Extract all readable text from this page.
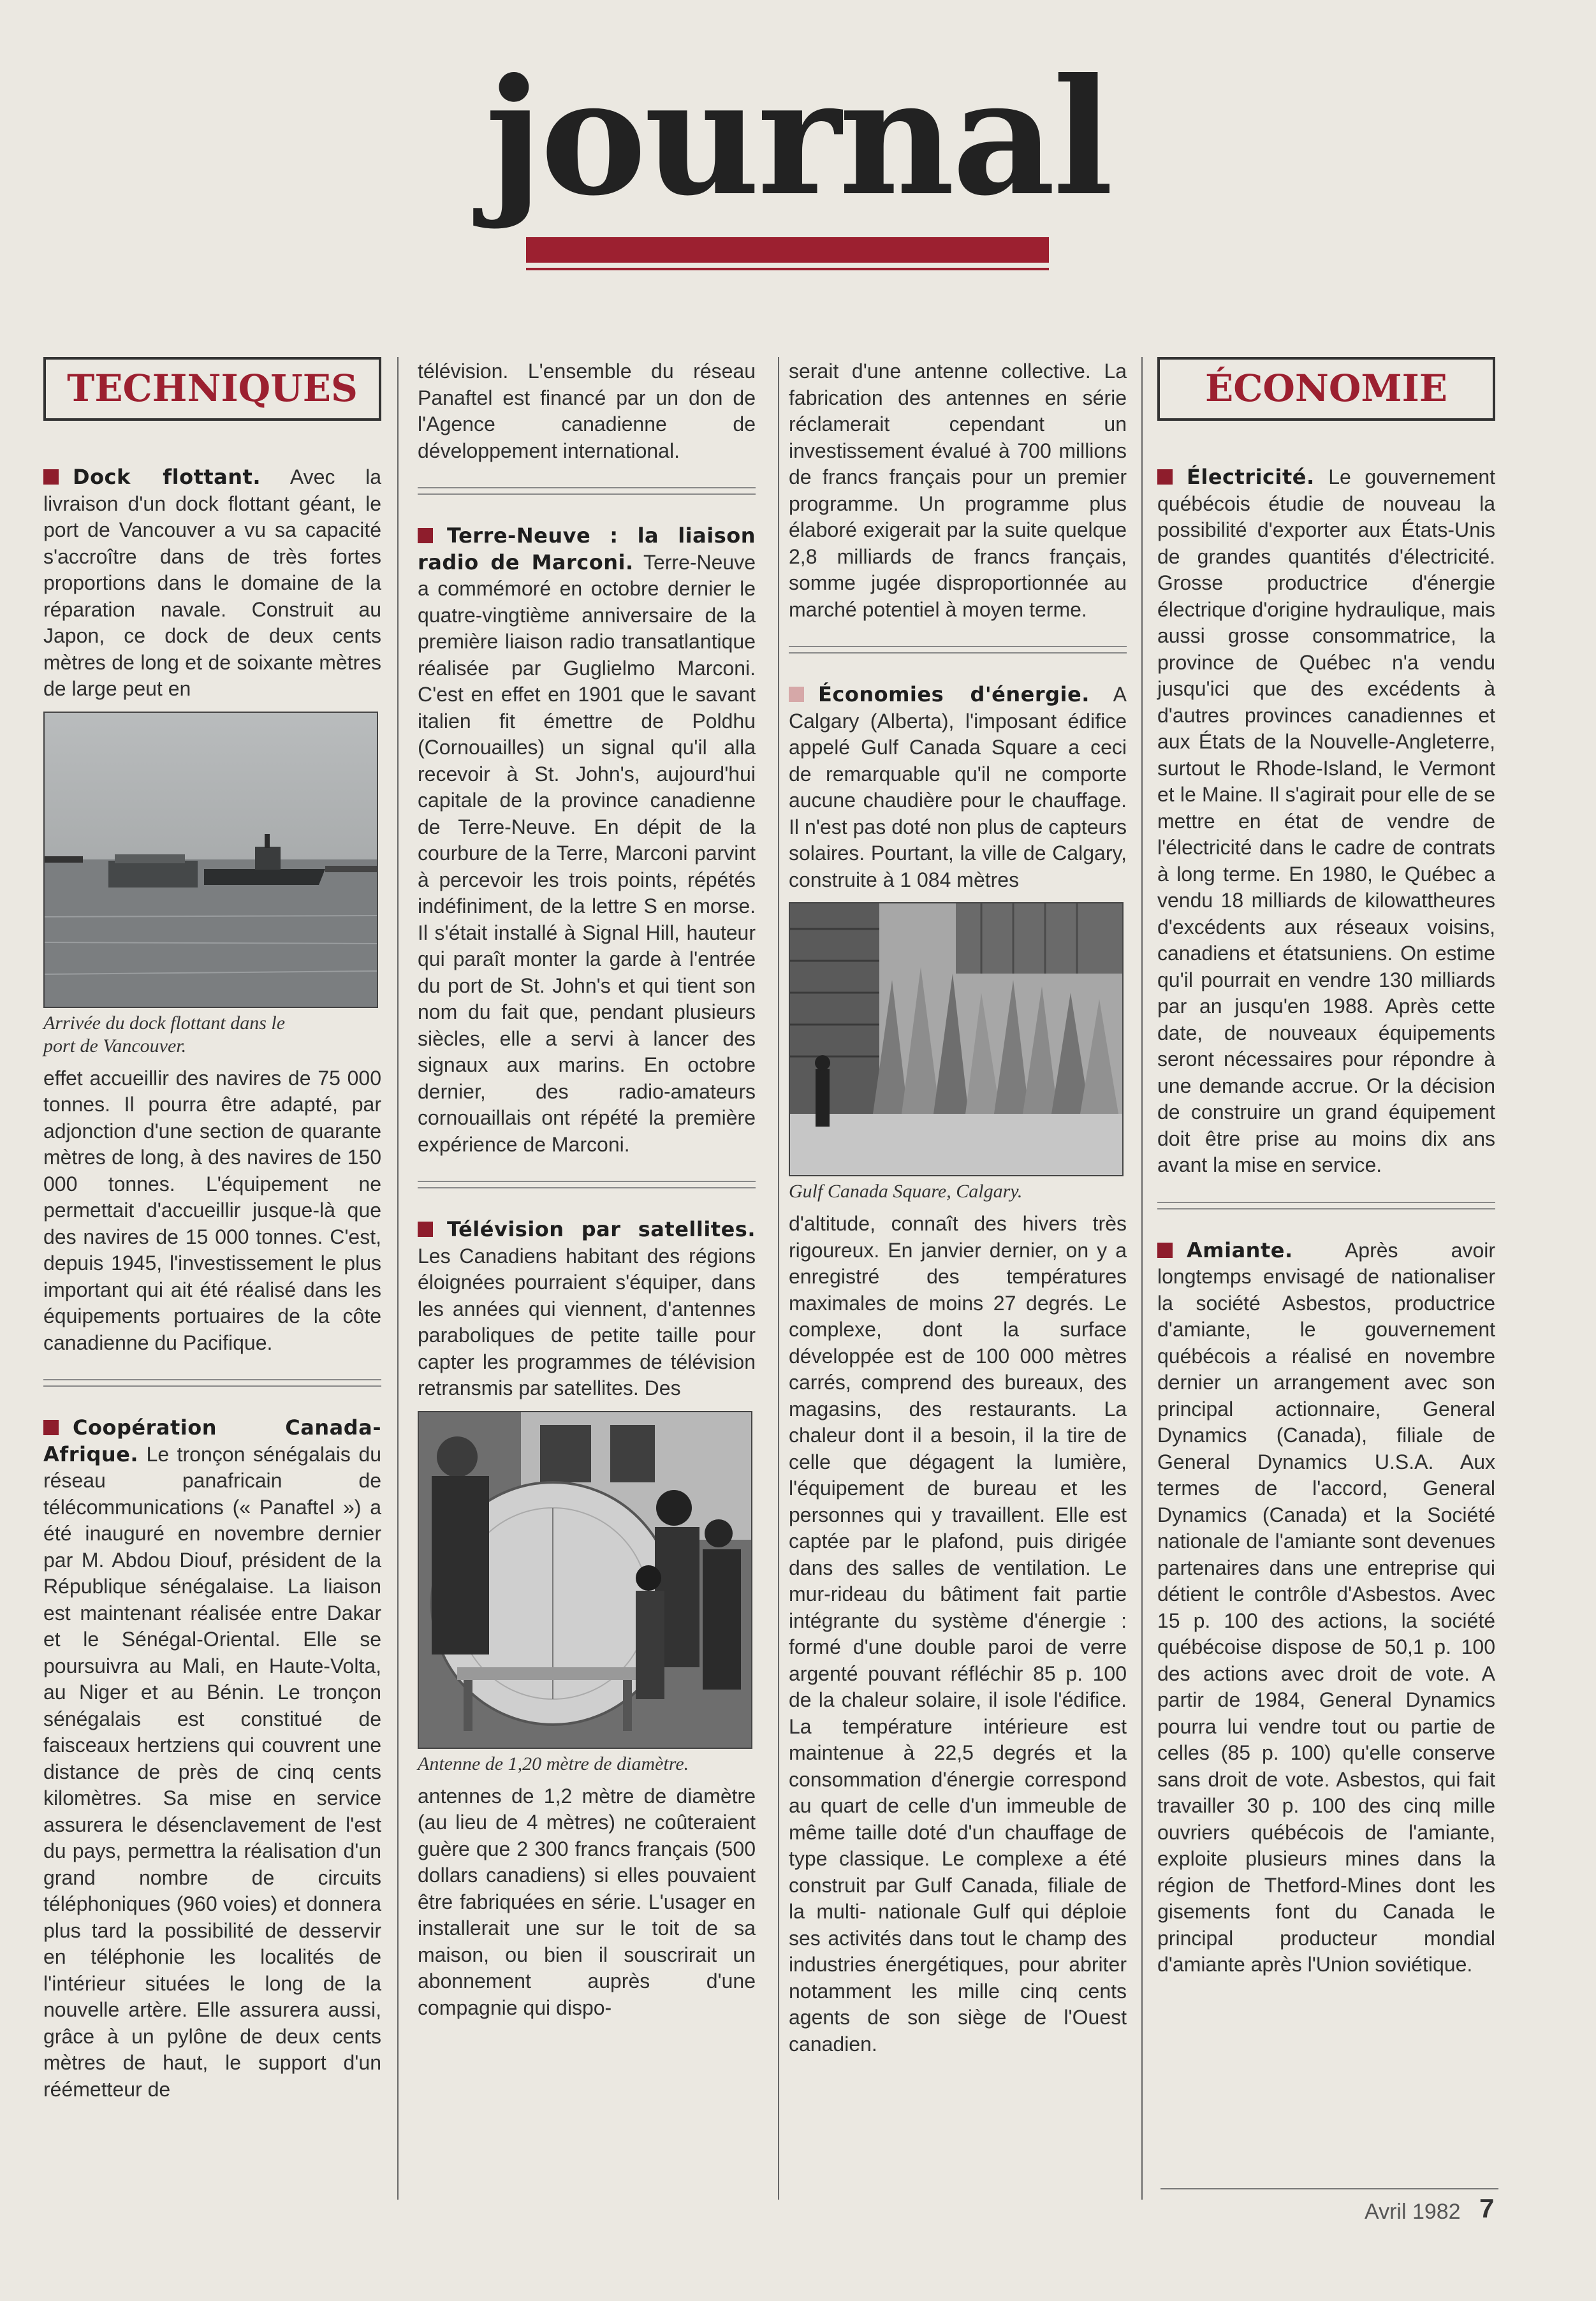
journal
TECHNIQUES

Dock flottant. Avec la livraison d'un dock flottant géant, le port de Vancouver a vu sa capacité s'accroître dans de très fortes proportions dans le domaine de la réparation navale. Construit au Japon, ce dock de deux cents mètres de long et de soixante mètres de large peut en

Arrivée du dock flottant dans le port de Vancouver.

effet accueillir des navires de 75 000 tonnes. Il pourra être adapté, par adjonction d'une section de quarante mètres de long, à des navires de 150 000 tonnes. L'équipement ne permettait d'accueillir jusque-là que des navires de 15 000 tonnes. C'est, depuis 1945, l'investissement le plus important qui ait été réalisé dans les équipements portuaires de la côte canadienne du Pacifique.

Coopération Canada-Afrique. Le tronçon sénégalais du réseau panafricain de télécommunications (« Panaftel ») a été inauguré en novembre dernier par M. Abdou Diouf, président de la République sénégalaise. La liaison est maintenant réalisée entre Dakar et le Sénégal-Oriental. Elle se poursuivra au Mali, en Haute-Volta, au Niger et au Bénin. Le tronçon sénégalais est constitué de faisceaux hertziens qui couvrent une distance de près de cinq cents kilomètres. Sa mise en service assurera le désenclavement de l'est du pays, permettra la réalisation d'un grand nombre de circuits téléphoniques (960 voies) et donnera plus tard la possibilité de desservir en téléphonie les localités de l'intérieur situées le long de la nouvelle artère. Elle assurera aussi, grâce à un pylône de deux cents mètres de haut, le support d'un réémetteur de

télévision. L'ensemble du réseau Panaftel est financé par un don de l'Agence canadienne de développement international.

Terre-Neuve : la liaison radio de Marconi. Terre-Neuve a commémoré en octobre dernier le quatre-vingtième anniversaire de la première liaison radio transatlantique réalisée par Guglielmo Marconi. C'est en effet en 1901 que le savant italien fit émettre de Poldhu (Cornouailles) un signal qu'il alla recevoir à St. John's, aujourd'hui capitale de la province canadienne de Terre-Neuve. En dépit de la courbure de la Terre, Marconi parvint à percevoir les trois points, répétés indéfiniment, de la lettre S en morse. Il s'était installé à Signal Hill, hauteur qui paraît monter la garde à l'entrée du port de St. John's et qui tient son nom du fait que, pendant plusieurs siècles, elle a servi à lancer des signaux aux marins. En octobre dernier, des radio-amateurs cornouaillais ont répété la première expérience de Marconi.

Télévision par satellites. Les Canadiens habitant des régions éloignées pourraient s'équiper, dans les années qui viennent, d'antennes paraboliques de petite taille pour capter les programmes de télévision retransmis par satellites. Des

Antenne de 1,20 mètre de diamètre.

antennes de 1,2 mètre de diamètre (au lieu de 4 mètres) ne coûteraient guère que 2 300 francs français (500 dollars canadiens) si elles pouvaient être fabriquées en série. L'usager en installerait une sur le toit de sa maison, ou bien il souscrirait un abonnement auprès d'une compagnie qui dispo-

serait d'une antenne collective. La fabrication des antennes en série réclamerait cependant un investissement évalué à 700 millions de francs français pour un premier programme. Un programme plus élaboré exigerait par la suite quelque 2,8 milliards de francs français, somme jugée disproportionnée au marché potentiel à moyen terme.

Économies d'énergie. A Calgary (Alberta), l'imposant édifice appelé Gulf Canada Square a ceci de remarquable qu'il ne comporte aucune chaudière pour le chauffage. Il n'est pas doté non plus de capteurs solaires. Pourtant, la ville de Calgary, construite à 1 084 mètres

Gulf Canada Square, Calgary.

d'altitude, connaît des hivers très rigoureux. En janvier dernier, on y a enregistré des températures maximales de moins 27 degrés. Le complexe, dont la surface développée est de 100 000 mètres carrés, comprend des bureaux, des magasins, des restaurants. La chaleur dont il a besoin, il la tire de celle que dégagent la lumière, l'équipement de bureau et les personnes qui y travaillent. Elle est captée par le plafond, puis dirigée dans des salles de ventilation. Le mur-rideau du bâtiment fait partie intégrante du système d'énergie : formé d'une double paroi de verre argenté pouvant réfléchir 85 p. 100 de la chaleur solaire, il isole l'édifice. La température intérieure est maintenue à 22,5 degrés et la consommation d'énergie correspond au quart de celle d'un immeuble de même taille doté d'un chauffage de type classique. Le complexe a été construit par Gulf Canada, filiale de la multi- nationale Gulf qui déploie ses activités dans tout le champ des industries énergétiques, pour abriter notamment les mille cinq cents agents de son siège de l'Ouest canadien.

ÉCONOMIE

Électricité. Le gouvernement québécois étudie de nouveau la possibilité d'exporter aux États-Unis de grandes quantités d'électricité. Grosse productrice d'énergie électrique d'origine hydraulique, mais aussi grosse consommatrice, la province de Québec n'a vendu jusqu'ici que des excédents à d'autres provinces canadiennes et aux États de la Nouvelle-Angleterre, surtout le Rhode-Island, le Vermont et le Maine. Il s'agirait pour elle de se mettre en état de vendre de l'électricité dans le cadre de contrats à long terme. En 1980, le Québec a vendu 18 milliards de kilowattheures d'excédents aux réseaux voisins, canadiens et étatsuniens. On estime qu'il pourrait en vendre 130 milliards par an jusqu'en 1988. Après cette date, de nouveaux équipements seront nécessaires pour répondre à une demande accrue. Or la décision de construire un grand équipement doit être prise au moins dix ans avant la mise en service.

Amiante.	Après avoir longtemps envisagé de nationaliser la société Asbestos, productrice d'amiante, le gouvernement québécois a réalisé en novembre dernier un arrangement avec son principal actionnaire, General Dynamics (Canada), filiale de General Dynamics U.S.A. Aux termes de l'accord, General Dynamics (Canada) et la Société nationale de l'amiante sont devenues partenaires dans une entreprise qui détient le contrôle d'Asbestos. Avec 15 p. 100 des actions, la société québécoise dispose de 50,1 p. 100 des actions avec droit de vote. A partir de 1984, General Dynamics pourra lui vendre tout ou partie de celles (85 p. 100) qu'elle conserve sans droit de vote. Asbestos, qui fait travailler 30 p. 100 des cinq mille ouvriers québécois de l'amiante, exploite plusieurs mines dans la région de Thetford-Mines dont les gisements font du Canada le principal producteur mondial d'amiante après l'Union soviétique.

Avril 1982 7
